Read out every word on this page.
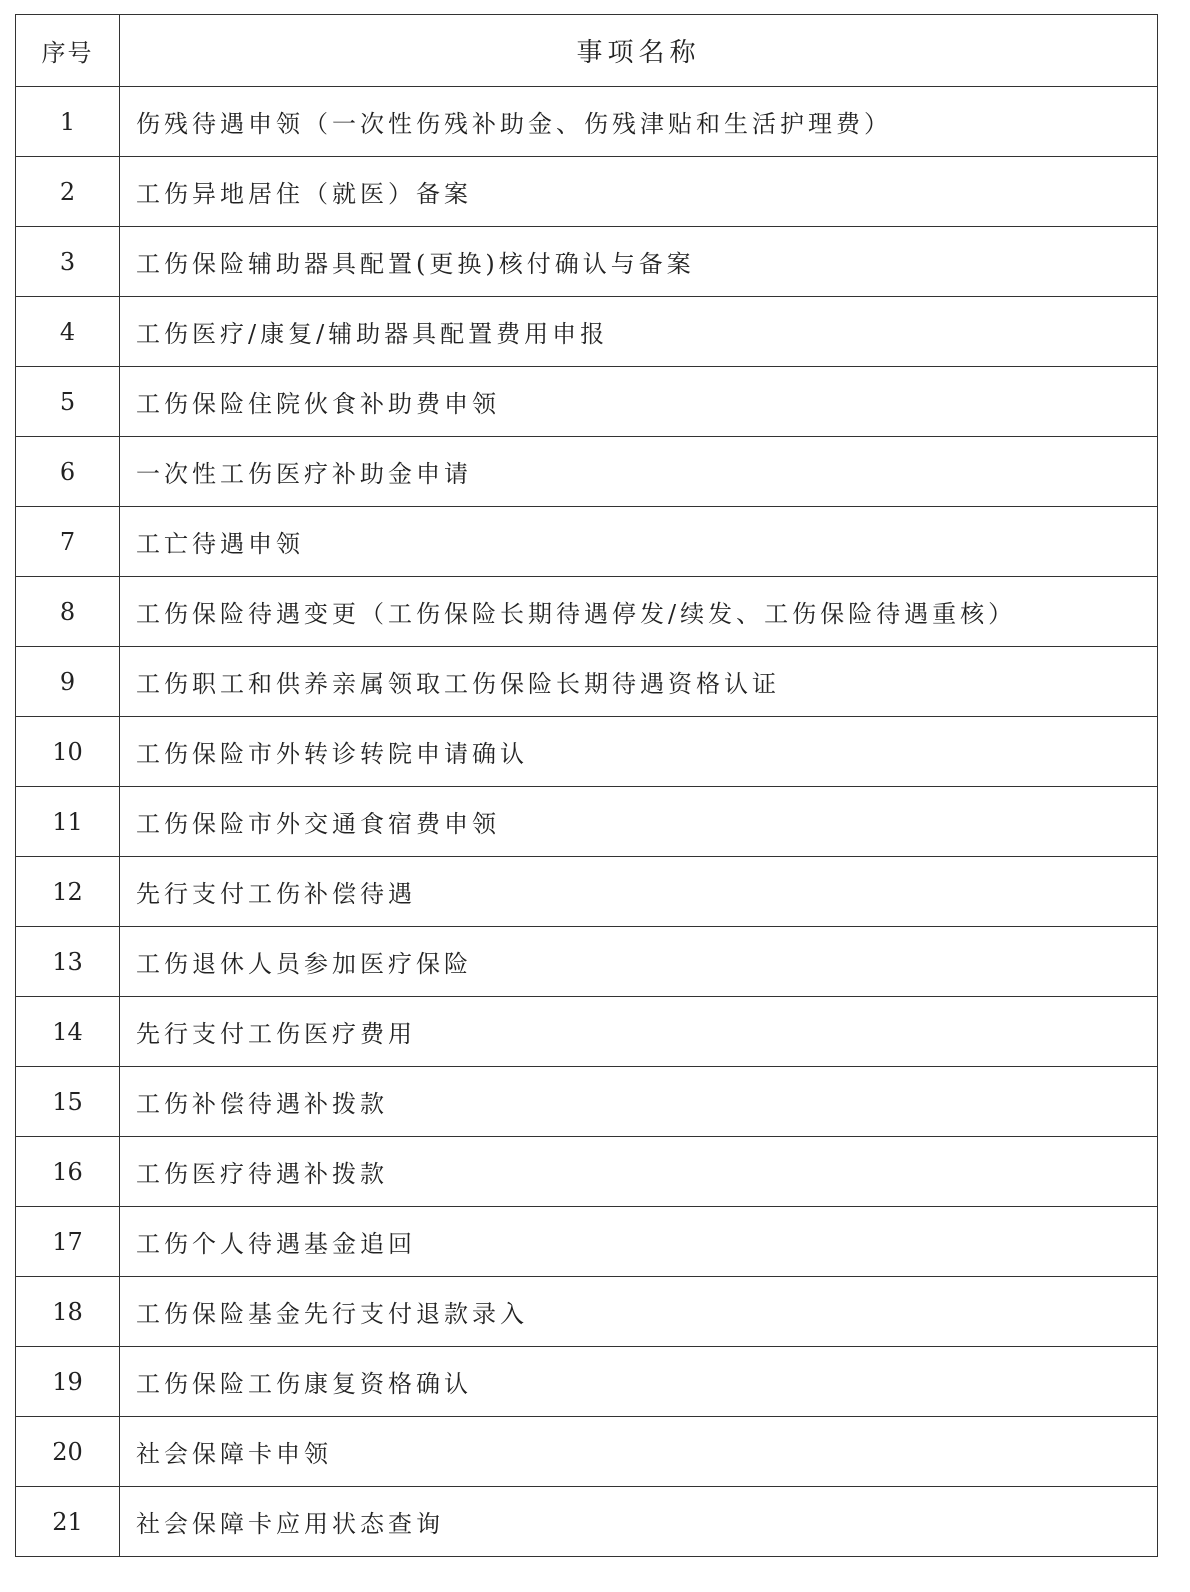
序号	事项名称
1	伤残待遇申领（一次性伤残补助金、伤残津贴和生活护理费）
2	工伤异地居住（就医）备案
3	工伤保险辅助器具配置(更换)核付确认与备案
4	工伤医疗/康复/辅助器具配置费用申报
5	工伤保险住院伙食补助费申领
6	一次性工伤医疗补助金申请
7	工亡待遇申领
8	工伤保险待遇变更（工伤保险长期待遇停发/续发、工伤保险待遇重核）
9	工伤职工和供养亲属领取工伤保险长期待遇资格认证
10	工伤保险市外转诊转院申请确认
11	工伤保险市外交通食宿费申领
12	先行支付工伤补偿待遇
13	工伤退休人员参加医疗保险
14	先行支付工伤医疗费用
15	工伤补偿待遇补拨款
16	工伤医疗待遇补拨款
17	工伤个人待遇基金追回
18	工伤保险基金先行支付退款录入
19	工伤保险工伤康复资格确认
20	社会保障卡申领
21	社会保障卡应用状态查询
